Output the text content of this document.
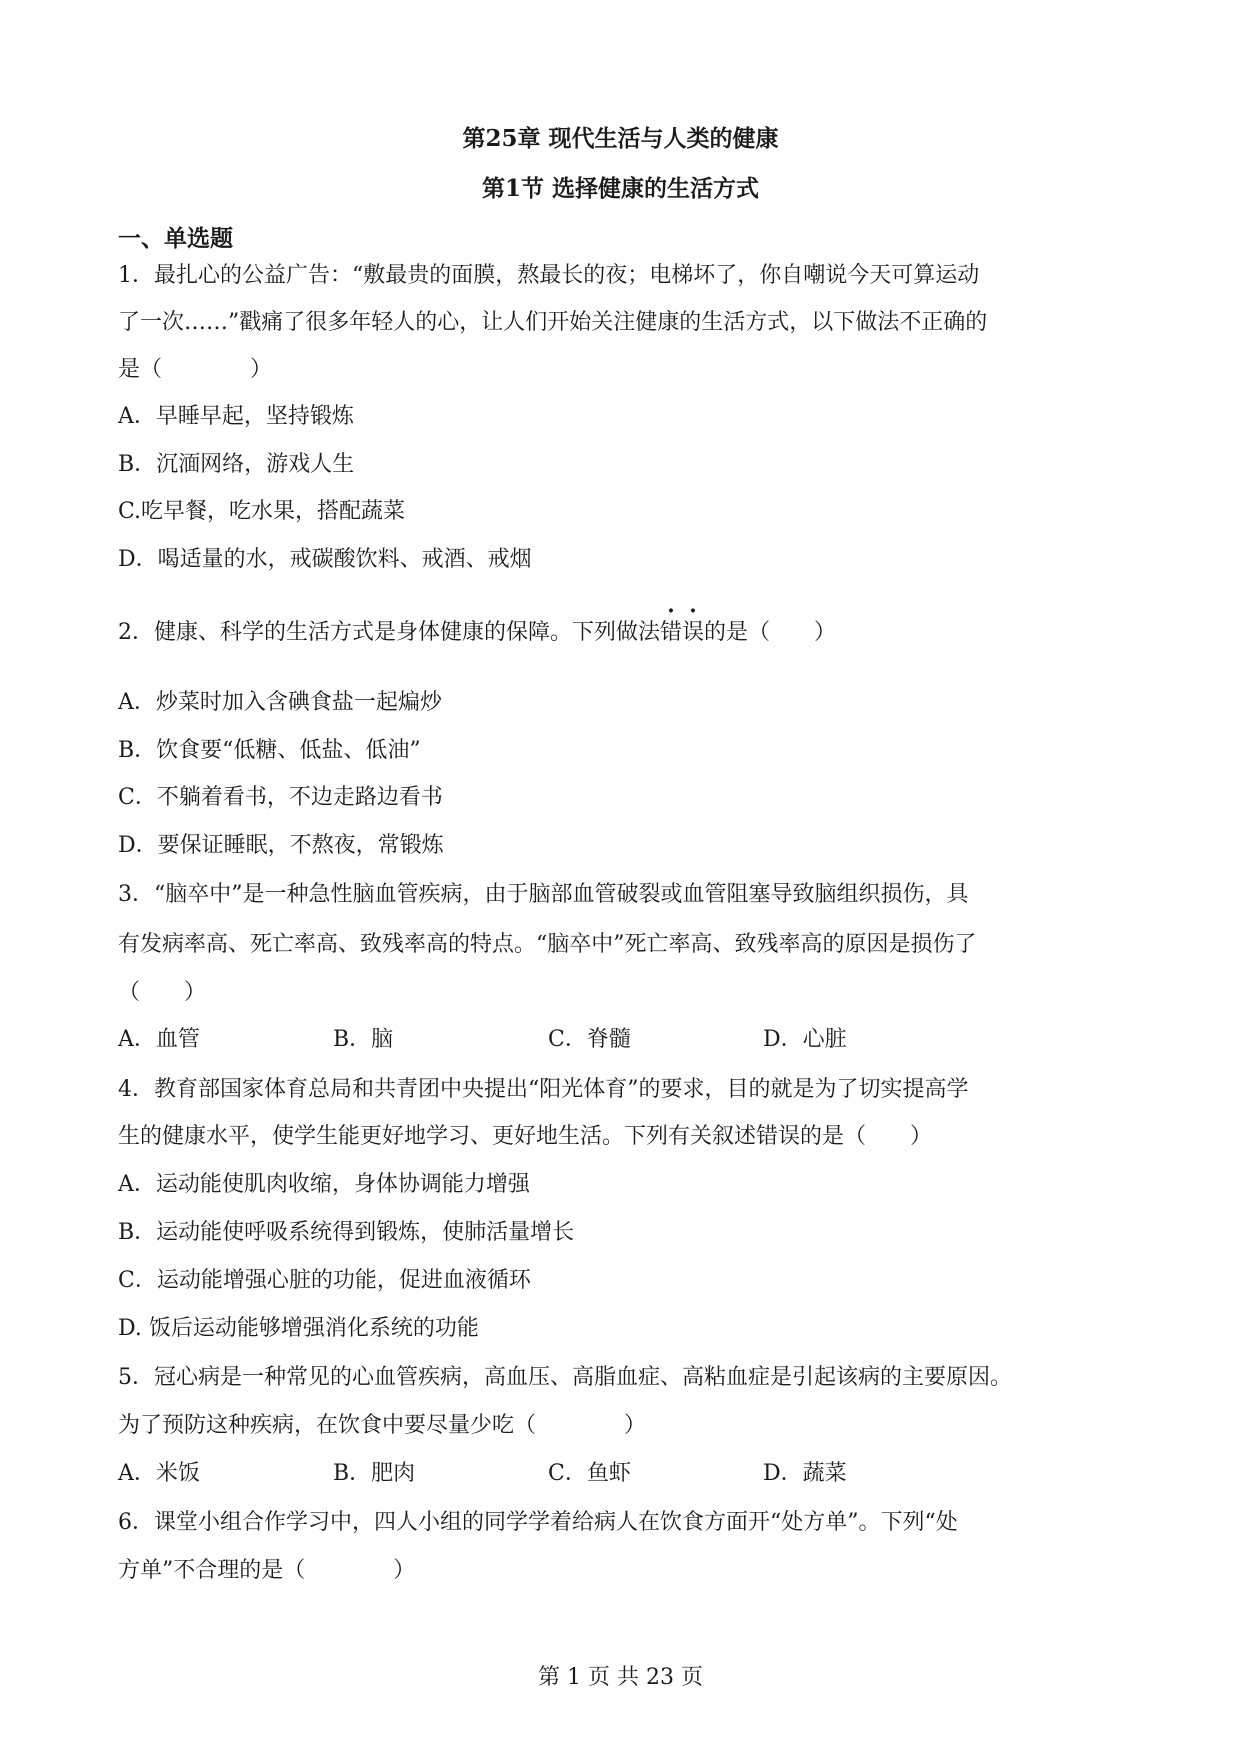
第25章 现代生活与人类的健康
第1节 选择健康的生活方式
一、单选题
1．最扎心的公益广告：“敷最贵的面膜，熬最长的夜；电梯坏了，你自嘲说今天可算运动
了一次……”戳痛了很多年轻人的心，让人们开始关注健康的生活方式，以下做法不正确的
是（　　　　）
A．早睡早起，坚持锻炼
B．沉湎网络，游戏人生
C.吃早餐，吃水果，搭配蔬菜
D．喝适量的水，戒碳酸饮料、戒酒、戒烟
2．健康、科学的生活方式是身体健康的保障。下列做法错误的是（　　）
A．炒菜时加入含碘食盐一起煸炒
B．饮食要“低糖、低盐、低油”
C．不躺着看书，不边走路边看书
D．要保证睡眠，不熬夜，常锻炼
3．“脑卒中”是一种急性脑血管疾病，由于脑部血管破裂或血管阻塞导致脑组织损伤，具
有发病率高、死亡率高、致残率高的特点。“脑卒中”死亡率高、致残率高的原因是损伤了
（　　）
A．血管	B．脑	C．脊髓	D．心脏
4．教育部国家体育总局和共青团中央提出“阳光体育”的要求，目的就是为了切实提高学
生的健康水平，使学生能更好地学习、更好地生活。下列有关叙述错误的是（　　）
A．运动能使肌肉收缩，身体协调能力增强
B．运动能使呼吸系统得到锻炼，使肺活量增长
C．运动能增强心脏的功能，促进血液循环
D. 饭后运动能够增强消化系统的功能
5．冠心病是一种常见的心血管疾病，高血压、高脂血症、高粘血症是引起该病的主要原因。
为了预防这种疾病，在饮食中要尽量少吃（　　　　）
A．米饭	B．肥肉	C．鱼虾	D．蔬菜
6．课堂小组合作学习中，四人小组的同学学着给病人在饮食方面开“处方单”。下列“处
方单”不合理的是（　　　　）
第 1 页 共 23 页
